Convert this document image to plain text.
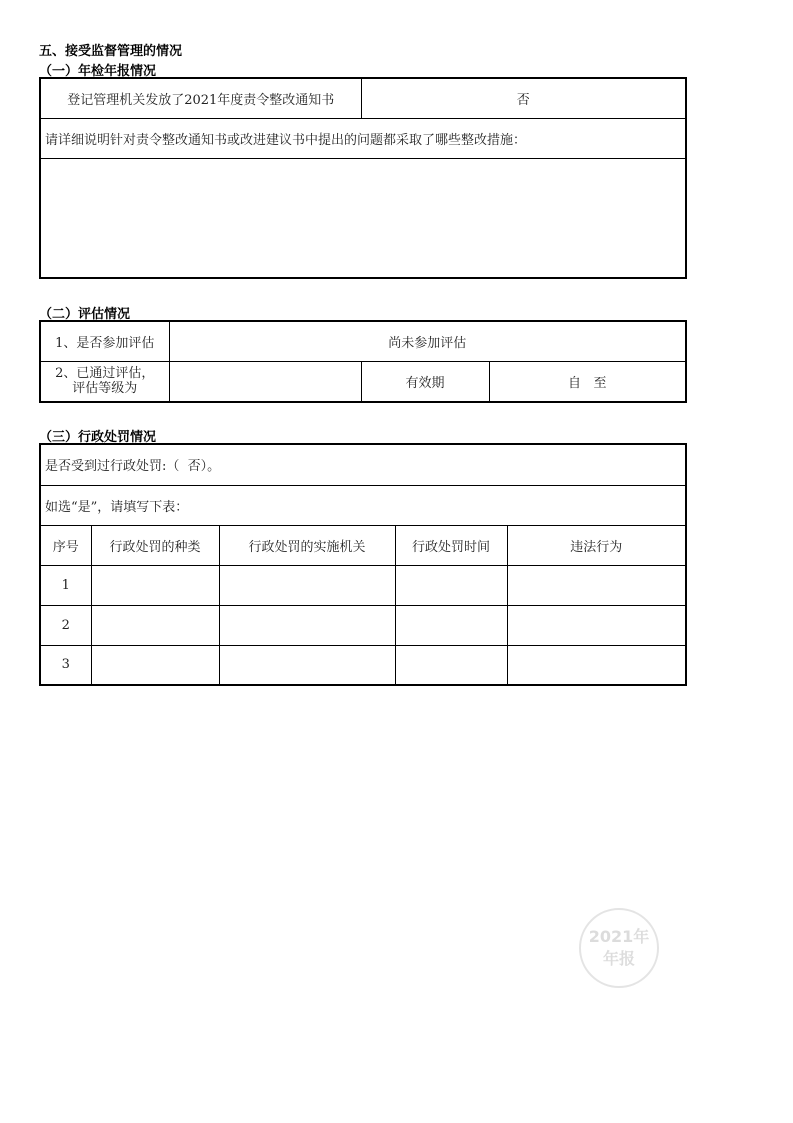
五、接受监督管理的情况
（一）年检年报情况
登记管理机关发放了2021年度责令整改通知书	否
请详细说明针对责令整改通知书或改进建议书中提出的问题都采取了哪些整改措施：

（二）评估情况
1、是否参加评估	尚未参加评估		

2、已通过评估，
评估等级为		有效期	自   至
（三）行政处罚情况
是否受到过行政处罚:（  否）。				
如选“是”，请填写下表：				
序号	行政处罚的种类	行政处罚的实施机关	行政处罚时间	违法行为
1				
2				
3				
2021年
年报
